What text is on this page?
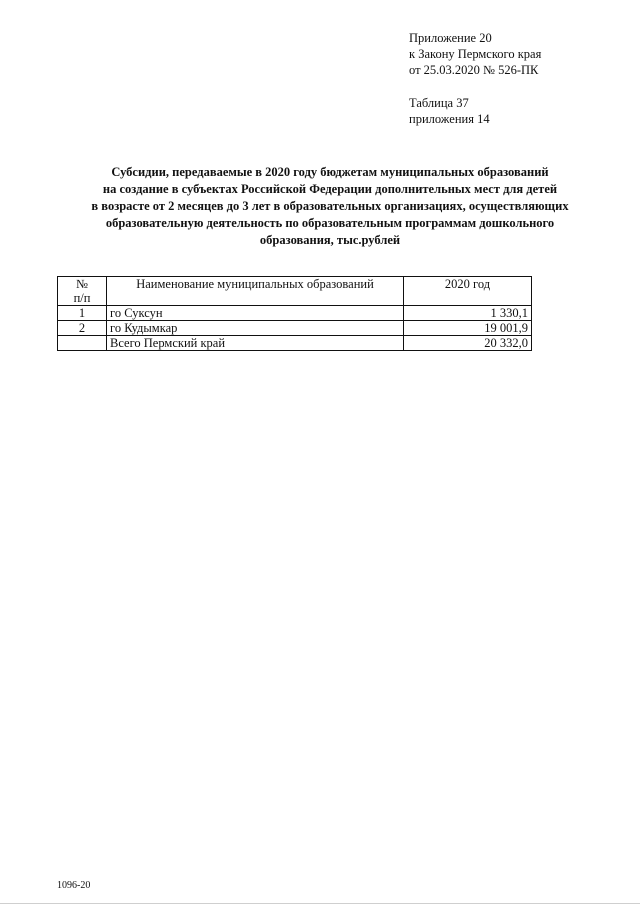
Приложение 20
к Закону Пермского края
от 25.03.2020 № 526-ПК
Таблица 37
приложения 14
Субсидии, передаваемые в 2020 году бюджетам муниципальных образований
на создание в субъектах Российской Федерации дополнительных мест для детей
в возрасте от 2 месяцев до 3 лет в образовательных организациях, осуществляющих
образовательную деятельность по образовательным программам дошкольного
образования, тыс.рублей
№
п/п	Наименование муниципальных образований	2020 год
1	го Суксун	1 330,1
2	го Кудымкар	19 001,9
	Всего Пермский край	20 332,0
1096-20
